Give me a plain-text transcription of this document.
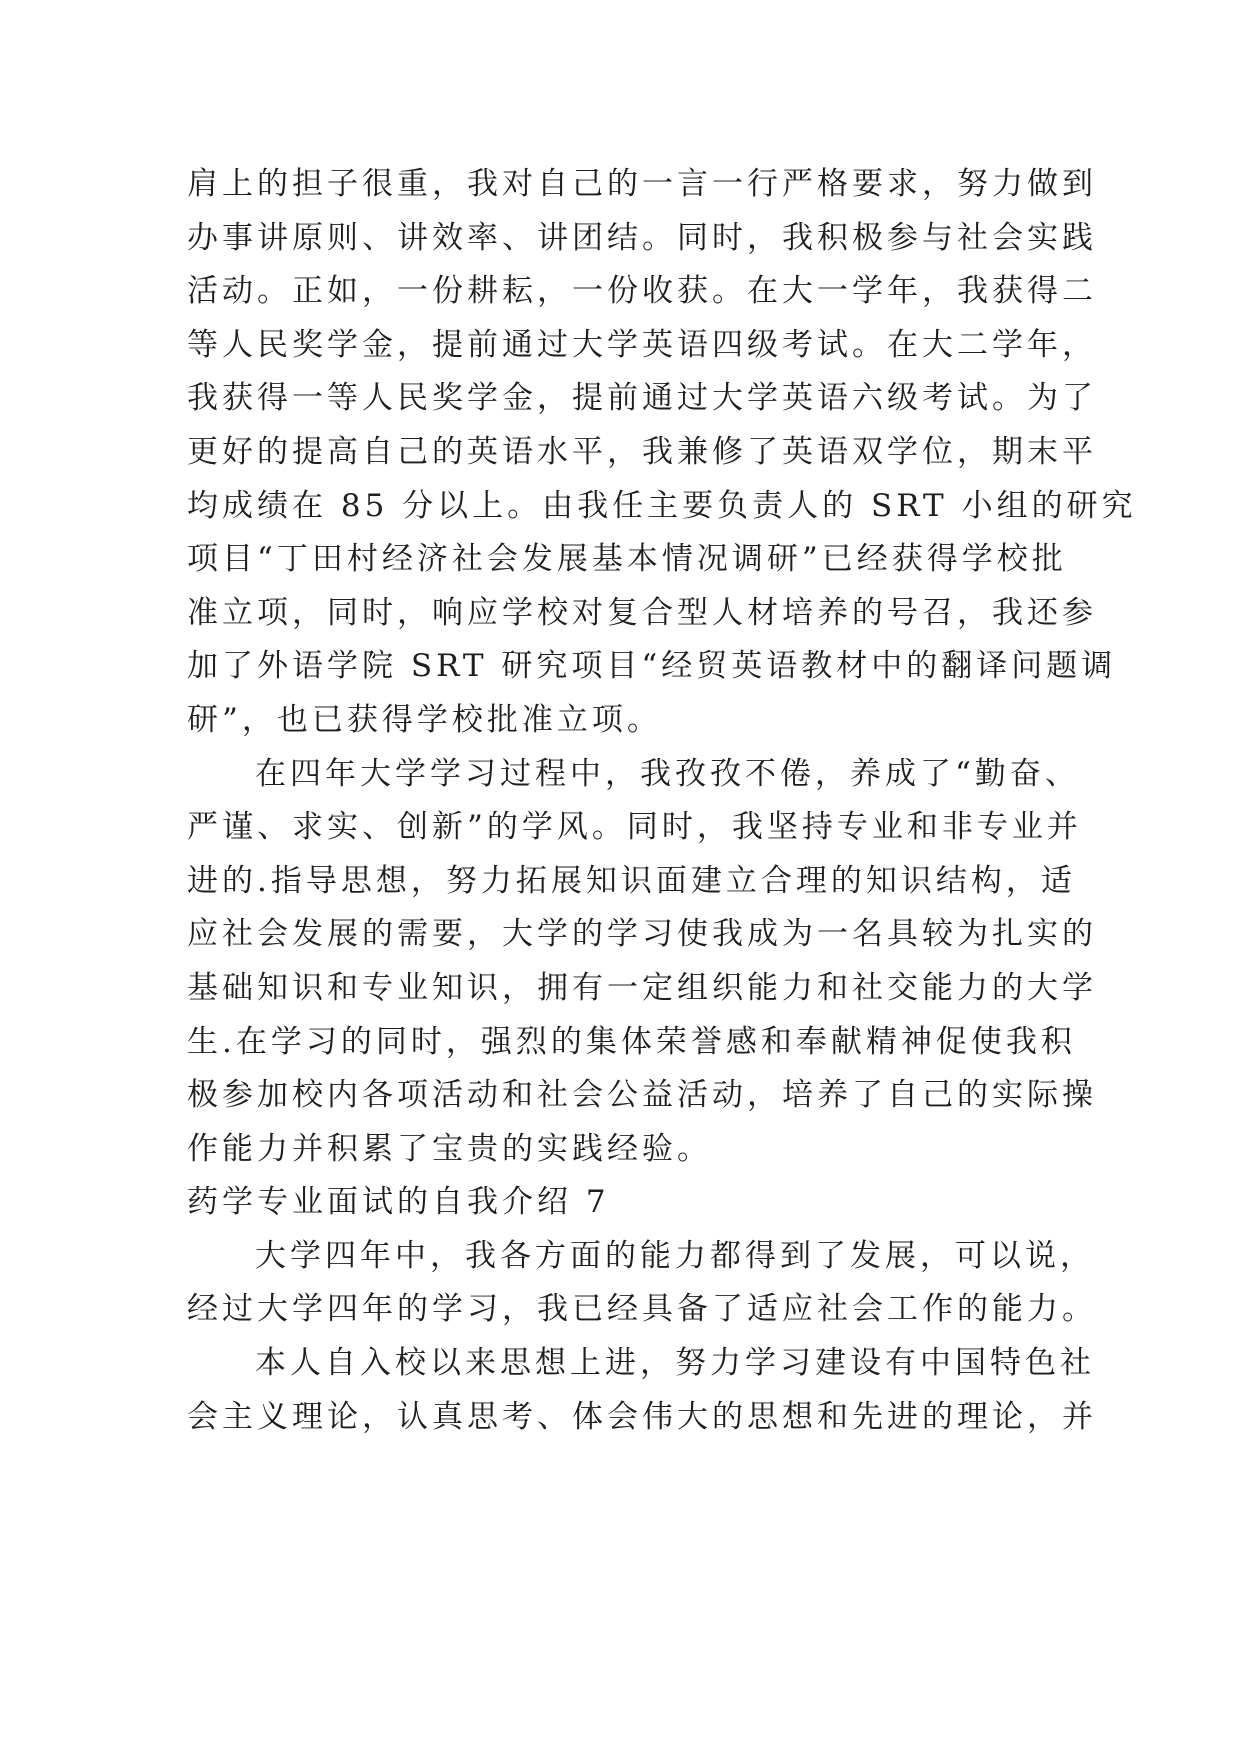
肩上的担子很重，我对自己的一言一行严格要求，努力做到
办事讲原则、讲效率、讲团结。同时，我积极参与社会实践
活动。正如，一份耕耘，一份收获。在大一学年，我获得二
等人民奖学金，提前通过大学英语四级考试。在大二学年，
我获得一等人民奖学金，提前通过大学英语六级考试。为了
更好的提高自己的英语水平，我兼修了英语双学位，期末平
均成绩在 85 分以上。由我任主要负责人的 SRT 小组的研究
项目“丁田村经济社会发展基本情况调研”已经获得学校批
准立项，同时，响应学校对复合型人材培养的号召，我还参
加了外语学院 SRT 研究项目“经贸英语教材中的翻译问题调
研”，也已获得学校批准立项。
在四年大学学习过程中，我孜孜不倦，养成了“勤奋、
严谨、求实、创新”的学风。同时，我坚持专业和非专业并
进的.指导思想，努力拓展知识面建立合理的知识结构，适
应社会发展的需要，大学的学习使我成为一名具较为扎实的
基础知识和专业知识，拥有一定组织能力和社交能力的大学
生.在学习的同时，强烈的集体荣誉感和奉献精神促使我积
极参加校内各项活动和社会公益活动，培养了自己的实际操
作能力并积累了宝贵的实践经验。
药学专业面试的自我介绍 7
大学四年中，我各方面的能力都得到了发展，可以说，
经过大学四年的学习，我已经具备了适应社会工作的能力。
本人自入校以来思想上进，努力学习建设有中国特色社
会主义理论，认真思考、体会伟大的思想和先进的理论，并
